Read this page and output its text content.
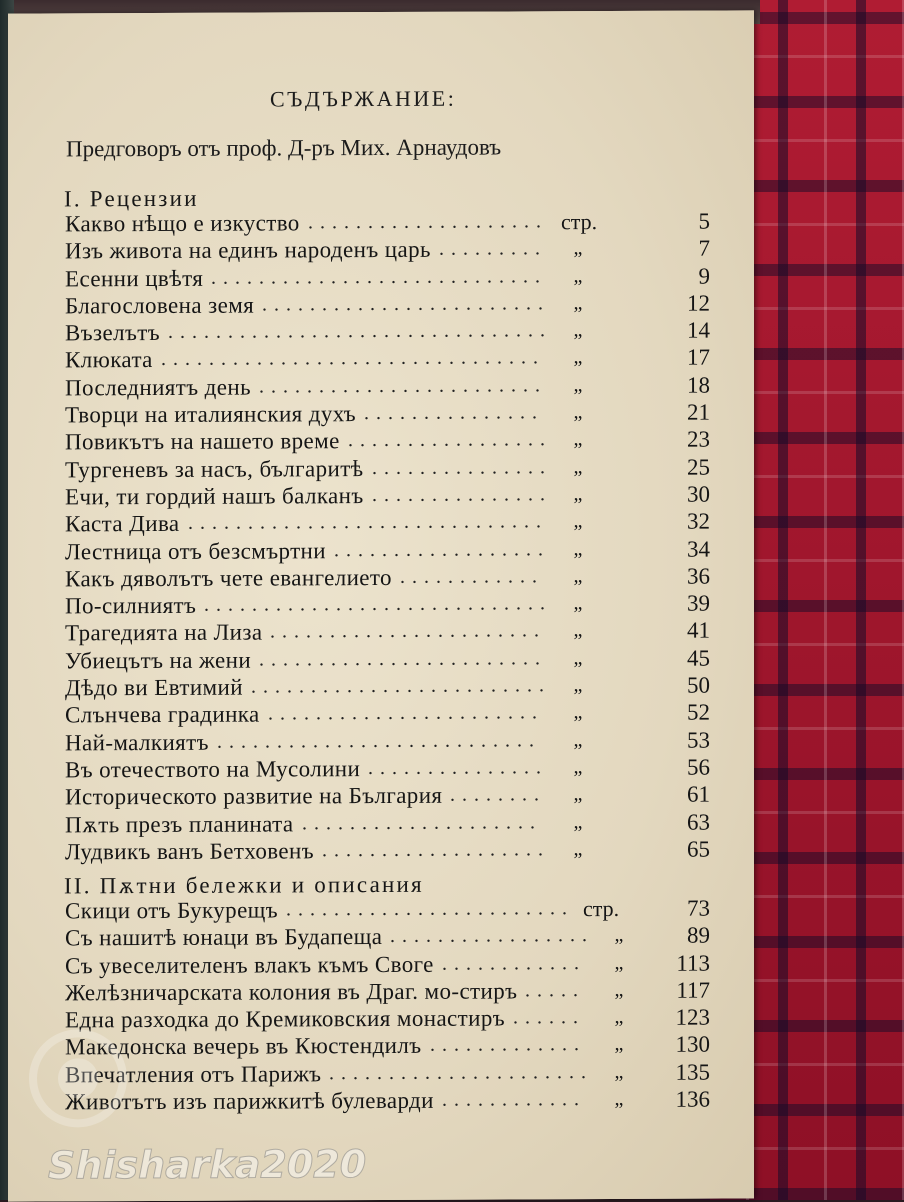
СЪДЪРЖАНИЕ:
Предговоръ отъ проф. Д-ръ Мих. Арнаудовъ
I. Рецензии
Какво нѣщо е изкуство .................... стр.	5
Изъ живота на единъ народенъ царь .........	„	7
Есенни цвѣтя ............................	„	9
Благословена земя ........................	„	12
Възелътъ ................................	„	14
Клюката ................................	„	17
Последниятъ день ........................	„	18
Творци на италиянския духъ ...............	„	21
Повикътъ на нашето време .................	„	23
Тургеневъ за насъ, българитѣ ...............	„	25
Ечи, ти гордий нашъ балканъ ...............	„	30
Каста Дива ..............................	„	32
Лестница отъ безсмъртни ..................	„	34
Какъ дяволътъ чете евангелието ............	„	36
По-силниятъ .............................	„	39
Трагедията на Лиза .......................	„	41
Убиецътъ на жени ........................	„	45
Дѣдо ви Евтимий .........................	„	50
Слънчева градинка .......................	„	52
Най-малкиятъ ...........................	„	53
Въ отечеството на Мусолини ...............	„	56
Историческото развитие на България ........	„	61
Пѫть презъ планината ....................	„	63
Лудвикъ ванъ Бетховенъ ...................	„	65
II. Пѫтни бележки и описания
Скици отъ Букурещъ ........................ стр.	73
Съ нашитѣ юнаци въ Будапеща .................	„	89
Съ увеселителенъ влакъ къмъ Своге ............	„	113
Желѣзничарската колония въ Драг. мо-стиръ .....	„	117
Една разходка до Кремиковския монастиръ ......	„	123
Македонска вечерь въ Кюстендилъ .............	„	130
Впечатления отъ Парижъ ......................	„	135
Животътъ изъ парижкитѣ булеварди ............	„	136
Shisharka2020
